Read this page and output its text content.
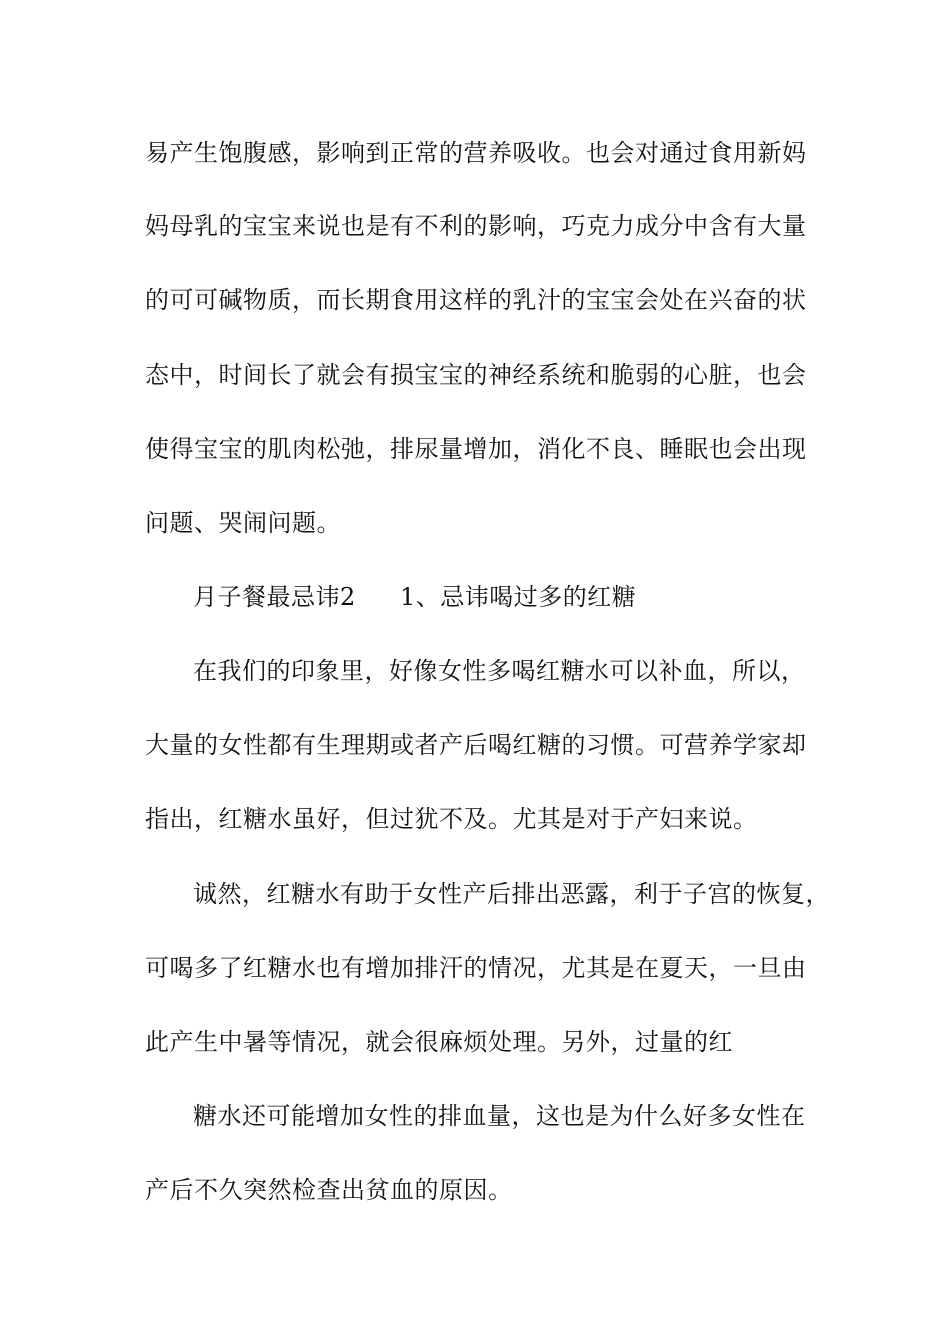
易产生饱腹感，影响到正常的营养吸收。也会对通过食用新妈
妈母乳的宝宝来说也是有不利的影响，巧克力成分中含有大量
的可可碱物质，而长期食用这样的乳汁的宝宝会处在兴奋的状
态中，时间长了就会有损宝宝的神经系统和脆弱的心脏，也会
使得宝宝的肌肉松弛，排尿量增加，消化不良、睡眠也会出现
问题、哭闹问题。
月子餐最忌讳2 1、忌讳喝过多的红糖
在我们的印象里，好像女性多喝红糖水可以补血，所以，
大量的女性都有生理期或者产后喝红糖的习惯。可营养学家却
指出，红糖水虽好，但过犹不及。尤其是对于产妇来说。
诚然，红糖水有助于女性产后排出恶露，利于子宫的恢复，
可喝多了红糖水也有增加排汗的情况，尤其是在夏天，一旦由
此产生中暑等情况，就会很麻烦处理。另外，过量的红
糖水还可能增加女性的排血量，这也是为什么好多女性在
产后不久突然检查出贫血的原因。
